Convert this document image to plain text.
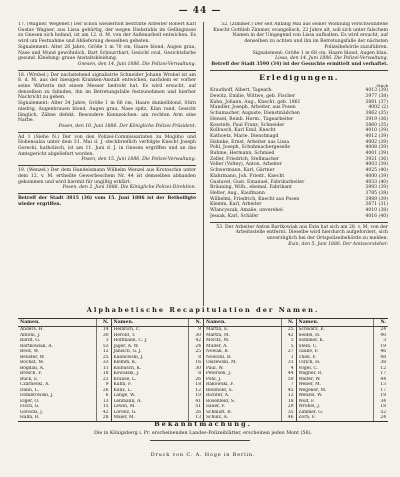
— 44 —
17. (Wagner, Wegener.) Der schon wiederholt bestrafte Arbeiter Robert Karl Gustav Wagner, aus Lissa gebürtig, der wegen Diebstahls im Gefängnisse zu Gnesen sich befand, ist am 12. d. M. von der Außenarbeit entwichen. Es wird um Festnahme und Ablieferung desselben gebeten.
Signalement: Alter 26 Jahre, Größe 1 m 70 cm, Haare blond, Augen grau, Nase und Mund gewöhnlich, Bart Schnurrbart, Gesicht oval, Gesichtsfarbe gesund. Kleidung: graue Anstaltskleidung.
Gnesen, den 14. Juni 1886. Die Polizei-Verwaltung.
18. (Wrobel.) Der nachstehend signalisirte Schneider Johann Wrobel ist am 8. d. M. aus der hiesigen Kranken-Anstalt entwichen, nachdem er vorher seine Wärterin mit einem Messer bedroht hat. Es wird ersucht, auf denselben zu fahnden, ihn im Betretungsfalle festzunehmen und hierher Nachricht zu geben.
Signalement: Alter 34 Jahre, Größe 1 m 66 cm, Haare dunkelblond, Stirn niedrig, Augenbrauen blond, Augen grau, Nase spitz, Kinn rund, Gesicht länglich, Zähne defekt. Besondere Kennzeichen: am rechten Arm eine Narbe.
Posen, den 10. Juni 1886. Der Königliche Polizei-Präsident.
Ad 1 (Siehe N.) Der von den Polizei-Commissariaten zu Mogilno und Hohensalza unter dem 31. Mai d. J. steckbrieflich verfolgte Knecht Joseph Gorecki, katholisch, ist am 11. Juni d. J. in Gnesen ergriffen und an das Amtsgericht abgeliefert worden.
Posen, den 15. Juni 1886. Die Polizei-Verwaltung.
19. (Wenzel.) Der dem Handelsmann Wilhelm Wenzel aus Krotoschin unter dem 12. v. M. ertheilte Gewerbeschein Nr. 44 ist demselben abhanden gekommen und wird hiermit für ungiltig erklärt.
Posen, den 2. Juni 1886. Die Königliche Polizei-Direktion.
Betreff der Stadt 3815 (36) vom 15. Juni 1886 ist der Betheiligte wieder ergriffen.
52. (Zimmer.) Der seit Anfang Mai aus seiner Wohnung verschwundene Knecht Gottlieb Zimmer, evangelisch, 22 Jahre alt, soll sich unter falschem Namen in der Umgegend von Lissa aufhalten. Es wird ersucht, auf denselben zu achten und ihn im Betretungsfalle der nächsten Polizeibehörde zuzuführen.
Signalement: Größe 1 m 68 cm, Haare blond, Augen blau.
Lissa, den 14. Juni 1886. Die Polizei-Verwaltung.
Betreff der Stadt 3590 (34) ist der Gesuchte ermittelt und verhaftet.
Erledigungen.
Stück
Krauthoff, Albert, Tagearb.	4013 (39)
Dewitz, Emilie, Wittwe, geb. Fischer	3977 (38)
Kuhn, Johann, Aug., Knecht, geb. 1861	3881 (37)
Mandler, Joseph, Arbeiter, aus Posen	4002 (2)
Schumacher, Auguste, Dienstmädchen	3862 (35)
Hensel, Reinh. Herm., Tagearbeiter	3919 (36)
Kosstefe, Paul Franz, Schneider	3860 (35)
Kolbusch, Karl Emil, Knecht	4010 (39)
Kathoetz, Marie, Dienstmagd	4012 (39)
Hahnke, Ernst, Arbeiter aus Lissa	4002 (39)
Pohl, Joseph, Schuhmachergeselle	4008 (39)
Ruhme, Hermann, Schmied	4001 (39)
Zeller, Friedrich, Stellmacher	3921 (36)
Voller (Voltey), Anton, Arbeiter	4003 (39)
Schwermann, Karl, Gärtner	4025 (40)
Klahrmann, Joh. Friedr., Knecht	4000 (39)
Gustavel, Gust. Emanuel, Fabrikarbeiter	4033 (40)
Bräuning, Wilh., ehemal. Fabrikant	3993 (39)
Helter, Aug., Kaufmann	3785 (38)
Wilhelmi, Friedrich, Knecht aus Posen	3989 (39)
Klemm, Karl, Arbeiter	3671 (31)
Wlancyszak, Amalie, unverehel.	4010 (38)
Jessak, Karl, Schäfer	4016 (40)
53. Der Arbeiter Anton Bartkowiak aus Exin hat sich am 28. v. M. von der Arbeitsstelle entfernt. Dieselbe wird hierdurch aufgefordert, sich unverzüglich bei der Ortspolizeibehörde zu melden.
Exin, den 5. Juni 1886. Der Amtsvorsteher.
Alphabetische Recapitulation der Namen.
Namen.	N.
Anders, H.	14
Antoni, J.	30
Bardt, G.	3
Bartkowiak, A.	53
Beck, W.	12
Beuster, W.	25
Bochat, M.	33
Bogdan, A.	11
Bresch, F.	18
Buck, E.	22
Czarnecki, A.	9
Dahn, L.	26
Dombrowski, J.	6
Elger, O.	13
Fisch, G.	15
Gorecki, J.	42
Hahn, R.	28
Namen.	N.
Heinrich, C.	9
Herold, T.	30
Hoffmann, C. J.	42
Jäger, A. W.	24
Janisch, G. J.	25
Kalinowski, J.	8
Klemm, K.	16
Kolbusch, K.	30
Kowalski, J.	8
Krause, L.	26
Kühn, F.	18
Kunz, L.	12
Lange, W.	10
Lehmann, A.	41
Lewin, M.	51
Lorenz, G.	26
Maier, M.	13
Namen.	N.
Martin, E.	25
Martin, M.	42
Moritz, M.	5
Müller, A.	5
Nowak, B.	27
Nowicki, R.	1
Olszewski, M.	31
Paul, W.	4
Petersen, J.	44
Pohl, J.	50
Rakowski, F.	7
Reinhold, S.	45
Richter, A.	12
Rosenfeld, S.	18
Sauer, F.	29
Schmidt, B.	35
Schulz, A.	46
Namen.	N.
Schwarz, E.	24
Seidel, H.	40
Sommer, K.	3
Stein, C.	19
Taube, F.	46
Thiel, F.	48
Ulrich, H.	38
Vogel, C.	12
Wagner, R.	17
Walter, W.	44
Weber, M.	13
Wegener, M.	17
Wenzel, W.	19
Wolf, F.	34
Wrobel, J.	18
Zimmer, G.	52
Zorn, F.	24
Bekanntmachung.
Die in Königsberg i. Pr. erscheinenden Landes-Polizeiblätter, erscheinen jeden Mont (56).
Druck von C. A. Hoge in Berlin.
